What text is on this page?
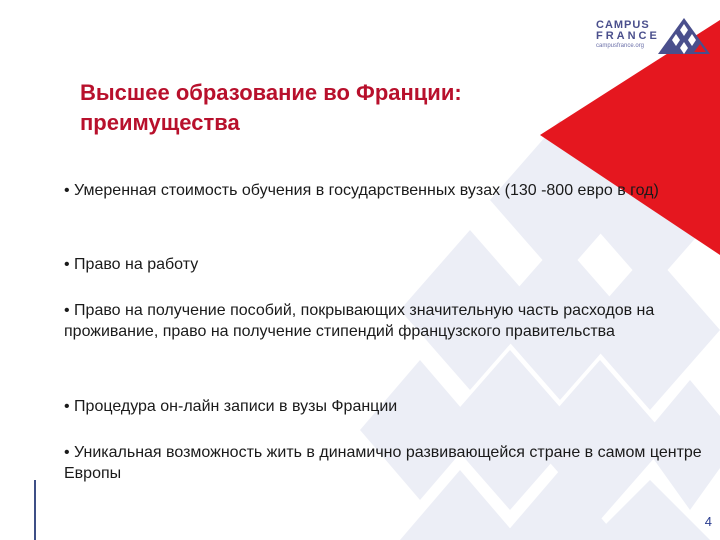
CAMPUS
FRANCE
campusfrance.org
Высшее образование во Франции:
преимущества
• Умеренная стоимость обучения в государственных вузах (130 -800 евро в год)
• Право на работу
• Право на получение пособий, покрывающих значительную часть расходов на проживание, право на получение стипендий французского правительства
• Процедура он-лайн записи в вузы Франции
• Уникальная возможность жить в динамично развивающейся стране в самом центре Европы
4
